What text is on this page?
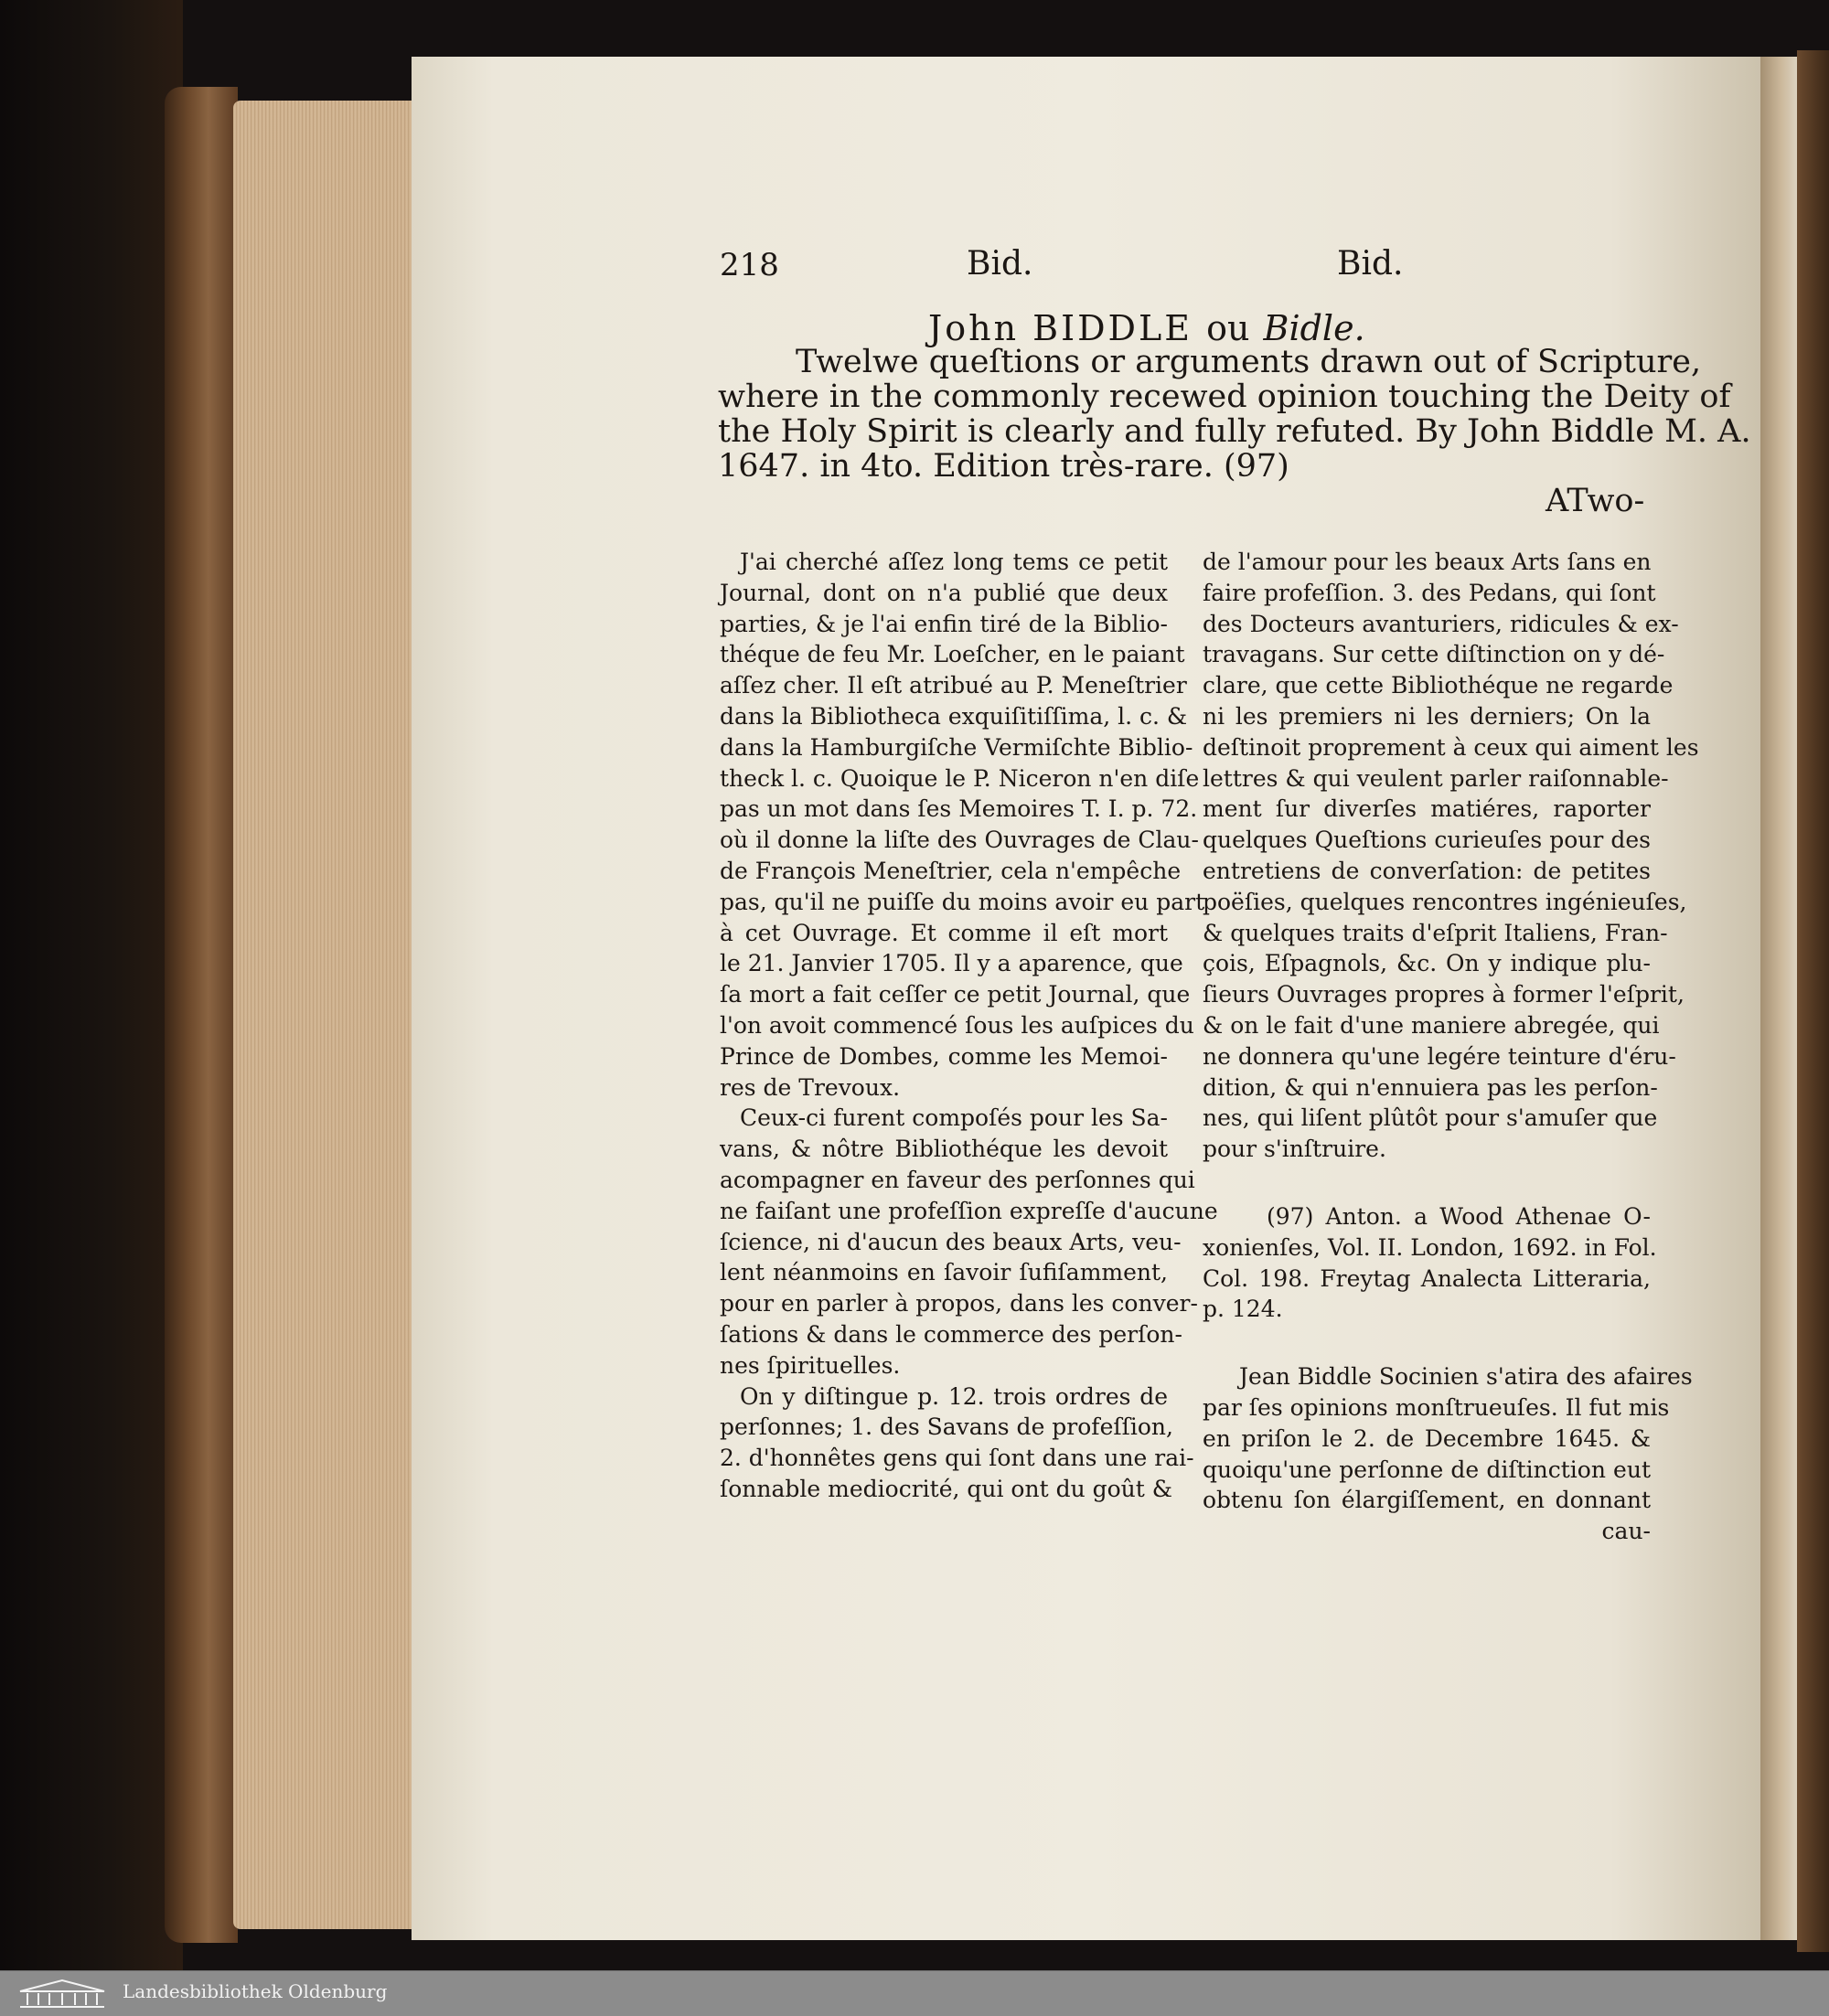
218	Bid.	Bid.
John BIDDLE ou Bidle.
Twelwe queſtions or arguments drawn out of Scripture,
where in the commonly recewed opinion touching the Deity of
the Holy Spirit is clearly and fully refuted. By John Biddle M. A.
1647. in 4to. Edition très-rare. (97)
ATwo-
J'ai cherché aſſez long tems ce petit
Journal, dont on n'a publié que deux
parties, & je l'ai enfin tiré de la Biblio-
théque de feu Mr. Loeſcher, en le paiant
aſſez cher. Il eſt atribué au P. Meneſtrier
dans la Bibliotheca exquiſitiſſima, l. c. &
dans la Hamburgiſche Vermiſchte Biblio-
theck l. c. Quoique le P. Niceron n'en diſe
pas un mot dans ſes Memoires T. I. p. 72.
où il donne la liſte des Ouvrages de Clau-
de François Meneſtrier, cela n'empêche
pas, qu'il ne puiſſe du moins avoir eu part
à cet Ouvrage. Et comme il eſt mort
le 21. Janvier 1705. Il y a aparence, que
ſa mort a fait ceſſer ce petit Journal, que
l'on avoit commencé ſous les auſpices du
Prince de Dombes, comme les Memoi-
res de Trevoux.
Ceux-ci furent compoſés pour les Sa-
vans, & nôtre Bibliothéque les devoit
acompagner en faveur des perſonnes qui
ne faiſant une profeſſion expreſſe d'aucune
ſcience, ni d'aucun des beaux Arts, veu-
lent néanmoins en ſavoir ſufiſamment,
pour en parler à propos, dans les conver-
ſations & dans le commerce des perſon-
nes ſpirituelles.
On y diſtingue p. 12. trois ordres de
perſonnes; 1. des Savans de profeſſion,
2. d'honnêtes gens qui ſont dans une rai-
ſonnable mediocrité, qui ont du goût &
de l'amour pour les beaux Arts ſans en
faire profeſſion. 3. des Pedans, qui ſont
des Docteurs avanturiers, ridicules & ex-
travagans. Sur cette diſtinction on y dé-
clare, que cette Bibliothéque ne regarde
ni les premiers ni les derniers; On la
deſtinoit proprement à ceux qui aiment les
lettres & qui veulent parler raiſonnable-
ment ſur diverſes matiéres, raporter
quelques Queſtions curieuſes pour des
entretiens de converſation: de petites
poëſies, quelques rencontres ingénieuſes,
& quelques traits d'eſprit Italiens, Fran-
çois, Eſpagnols, &c. On y indique plu-
ſieurs Ouvrages propres à former l'eſprit,
& on le fait d'une maniere abregée, qui
ne donnera qu'une legére teinture d'éru-
dition, & qui n'ennuiera pas les perſon-
nes, qui liſent plûtôt pour s'amuſer que
pour s'inſtruire.
(97) Anton. a Wood Athenae O-
xonienſes, Vol. II. London, 1692. in Fol.
Col. 198. Freytag Analecta Litteraria,
p. 124.
Jean Biddle Socinien s'atira des afaires
par ſes opinions monſtrueuſes. Il fut mis
en priſon le 2. de Decembre 1645. &
quoiqu'une perſonne de diſtinction eut
obtenu ſon élargiſſement, en donnant
cau-
Landesbibliothek Oldenburg
